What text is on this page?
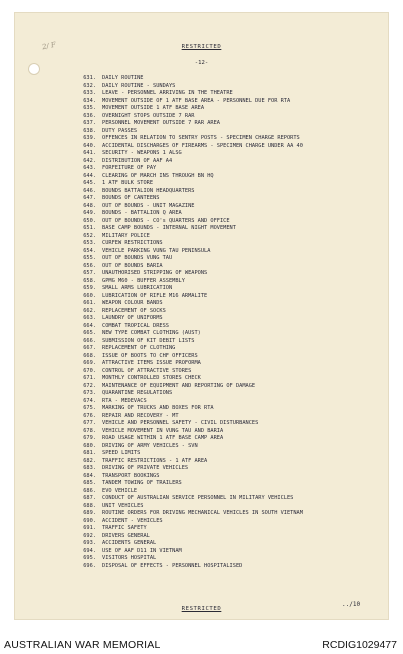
2/ F	RESTRICTED
-12-
631. DAILY ROUTINE
632. DAILY ROUTINE - SUNDAYS
633. LEAVE - PERSONNEL ARRIVING IN THE THEATRE
634. MOVEMENT OUTSIDE OF 1 ATF BASE AREA - PERSONNEL DUE FOR RTA
635. MOVEMENT OUTSIDE 1 ATF BASE AREA
636. OVERNIGHT STOPS OUTSIDE 7 RAR
637. PERSONNEL MOVEMENT OUTSIDE 7 RAR AREA
638. DUTY PASSES
639. OFFENCES IN RELATION TO SENTRY POSTS - SPECIMEN CHARGE REPORTS
640. ACCIDENTAL DISCHARGES OF FIREARMS - SPECIMEN CHARGE UNDER AA 40
641. SECURITY - WEAPONS 1 ALSG
642. DISTRIBUTION OF AAF A4
643. FORFEITURE OF PAY
644. CLEARING OF MARCH INS THROUGH BN HQ
645. 1 ATF BULK STORE
646. BOUNDS BATTALION HEADQUARTERS
647. BOUNDS OF CANTEENS
648. OUT OF BOUNDS - UNIT MAGAZINE
649. BOUNDS - BATTALION Q AREA
650. OUT OF BOUNDS - CO's QUARTERS AND OFFICE
651. BASE CAMP BOUNDS - INTERNAL NIGHT MOVEMENT
652. MILITARY POLICE
653. CURFEW RESTRICTIONS
654. VEHICLE PARKING VUNG TAU PENINSULA
655. OUT OF BOUNDS VUNG TAU
656. OUT OF BOUNDS BARIA
657. UNAUTHORISED STRIPPING OF WEAPONS
658. GPMG M60 - BUFFER ASSEMBLY
659. SMALL ARMS LUBRICATION
660. LUBRICATION OF RIFLE M16 ARMALITE
661. WEAPON COLOUR BANDS
662. REPLACEMENT OF SOCKS
663. LAUNDRY OF UNIFORMS
664. COMBAT TROPICAL DRESS
665. NEW TYPE COMBAT CLOTHING (AUST)
666. SUBMISSION OF KIT DEBIT LISTS
667. REPLACEMENT OF CLOTHING
668. ISSUE OF BOOTS TO CHF OFFICERS
669. ATTRACTIVE ITEMS ISSUE PROFORMA
670. CONTROL OF ATTRACTIVE STORES
671. MONTHLY CONTROLLED STORES CHECK
672. MAINTENANCE OF EQUIPMENT AND REPORTING OF DAMAGE
673. QUARANTINE REGULATIONS
674. RTA - MEDEVACS
675. MARKING OF TRUCKS AND BOXES FOR RTA
676. REPAIR AND RECOVERY - MT
677. VEHICLE AND PERSONNEL SAFETY - CIVIL DISTURBANCES
678. VEHICLE MOVEMENT IN VUNG TAU AND BARIA
679. ROAD USAGE WITHIN 1 ATF BASE CAMP AREA
680. DRIVING OF ARMY VEHICLES - SVN
681. SPEED LIMITS
682. TRAFFIC RESTRICTIONS - 1 ATF AREA
683. DRIVING OF PRIVATE VEHICLES
684. TRANSPORT BOOKINGS
685. TANDEM TOWING OF TRAILERS
686. EVO VEHICLE
687. CONDUCT OF AUSTRALIAN SERVICE PERSONNEL IN MILITARY VEHICLES
688. UNIT VEHICLES
689. ROUTINE ORDERS FOR DRIVING MECHANICAL VEHICLES IN SOUTH VIETNAM
690. ACCIDENT - VEHICLES
691. TRAFFIC SAFETY
692. DRIVERS GENERAL
693. ACCIDENTS GENERAL
694. USE OF AAF D11 IN VIETNAM
695. VISITORS HOSPITAL
696. DISPOSAL OF EFFECTS - PERSONNEL HOSPITALISED
../10
RESTRICTED
AUSTRALIAN WAR MEMORIAL	RCDIG1029477
